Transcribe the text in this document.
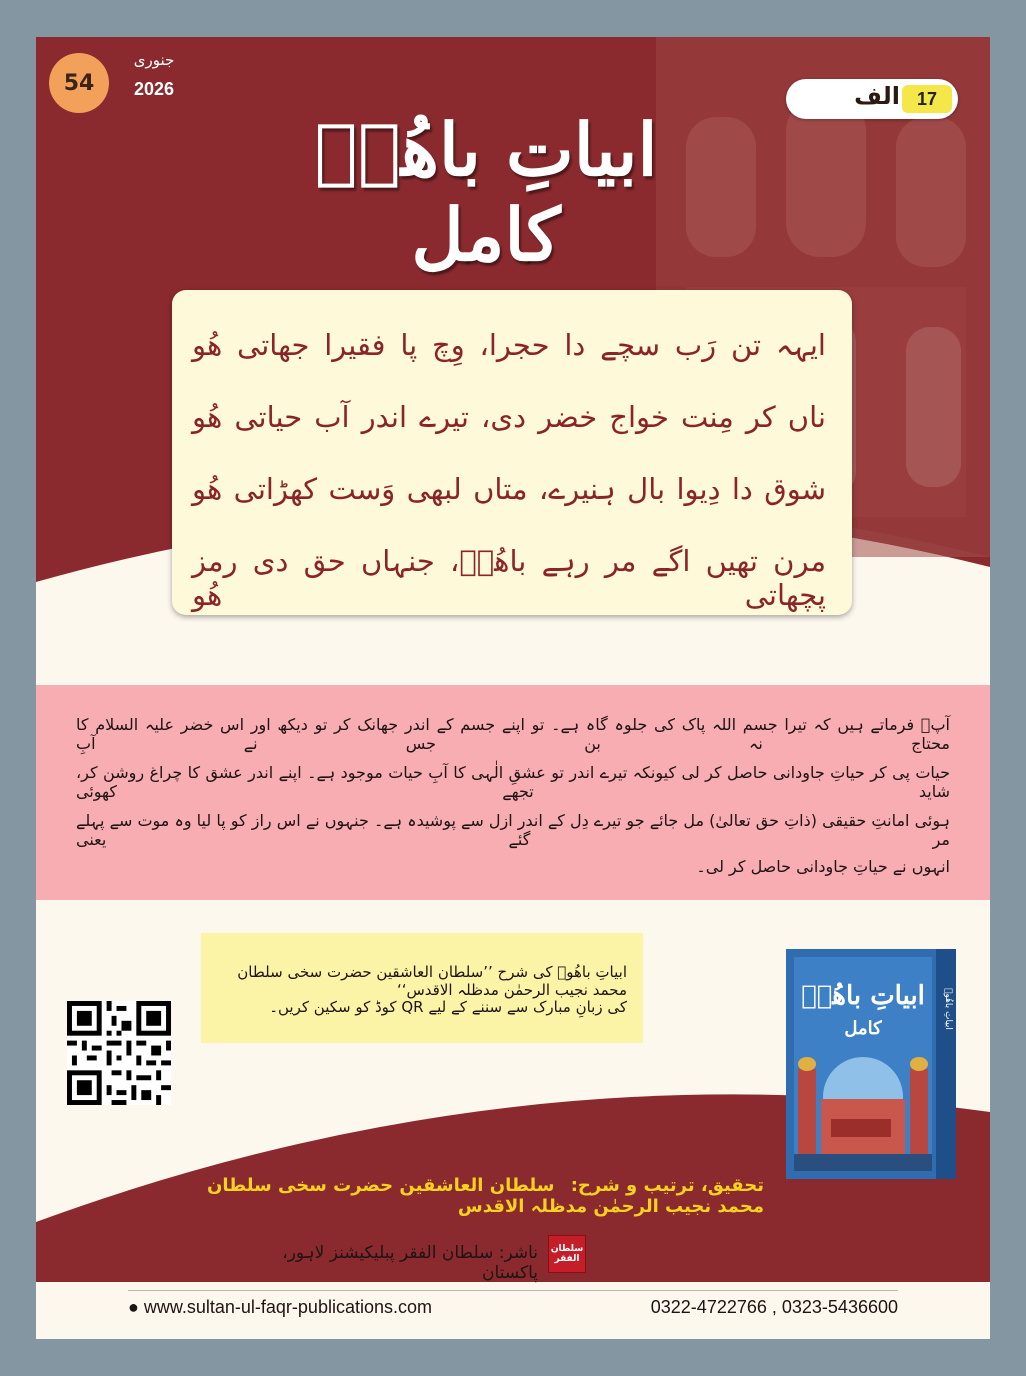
54
جنوری
2026	الف 17
ابیاتِ باھُوؒ کامل
ایہہ تن رَب سچے دا حجرا، وِچ پا فقیرا جھاتی ھُو
ناں کر مِنت خواج خضر دی، تیرے اندر آب حیاتی ھُو
شوق دا دِیوا بال ہنیرے، متاں لبھی وَست کھڑاتی ھُو
مرن تھیں اگے مر رہے باھُوؒ، جنہاں حق دی رمز پچھاتی ھُو
آپؒ فرماتے ہیں کہ تیرا جسم اللہ پاک کی جلوہ گاہ ہے۔ تو اپنے جسم کے اندر جھانک کر تو دیکھ اور اس خضر علیہ السلام کا محتاج نہ بن جس نے آبِ
حیات پی کر حیاتِ جاودانی حاصل کر لی کیونکہ تیرے اندر تو عشقِ الٰہی کا آبِ حیات موجود ہے۔ اپنے اندر عشق کا چراغ روشن کر، شاید تجھے کھوئی
ہوئی امانتِ حقیقی (ذاتِ حق تعالیٰ) مل جائے جو تیرے دِل کے اندر ازل سے پوشیدہ ہے۔ جنہوں نے اس راز کو پا لیا وہ موت سے پہلے مر گئے یعنی
انہوں نے حیاتِ جاودانی حاصل کر لی۔
ابیاتِ باھُوؒ کی شرح ’’سلطان العاشقین حضرت سخی سلطان محمد نجیب الرحمٰن مدظلہ الاقدس‘‘
کی زبانِ مبارک سے سننے کے لیے QR کوڈ کو سکین کریں۔	ابیاتِ باھُوؒ
کامل	ابیاتِ باھُوؒ
تحقیق، ترتیب و شرح: سلطان العاشقین حضرت سخی سلطان محمد نجیب الرحمٰن مدظلہ الاقدس
سلطان الفقر
ناشر: سلطان الفقر پبلیکیشنز لاہور، پاکستان
● www.sultan-ul-faqr-publications.com	0322-4722766 , 0323-5436600
